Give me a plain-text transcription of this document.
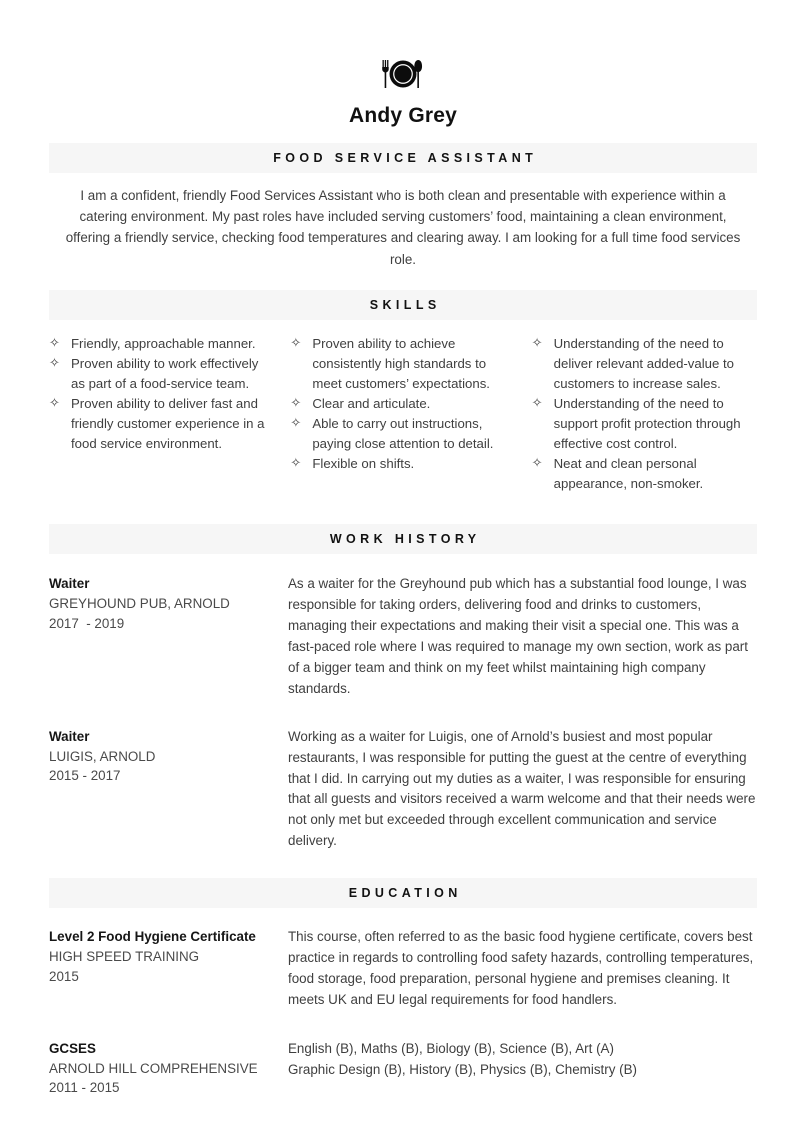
Andy Grey
FOOD SERVICE ASSISTANT

I am a confident, friendly Food Services Assistant who is both clean and presentable with experience within a catering environment. My past roles have included serving customers’ food, maintaining a clean environment, offering a friendly service, checking food temperatures and clearing away. I am looking for a full time food services role.

SKILLS
✧ Friendly, approachable manner.
✧ Proven ability to work effectively as part of a food-service team.
✧ Proven ability to deliver fast and friendly customer experience in a food service environment.
✧ Proven ability to achieve consistently high standards to meet customers’ expectations.
✧ Clear and articulate.
✧ Able to carry out instructions, paying close attention to detail.
✧ Flexible on shifts.
✧ Understanding of the need to deliver relevant added-value to customers to increase sales.
✧ Understanding of the need to support profit protection through effective cost control.
✧ Neat and clean personal appearance, non-smoker.
WORK HISTORY
Waiter
GREYHOUND PUB, ARNOLD
2017  - 2019

As a waiter for the Greyhound pub which has a substantial food lounge, I was responsible for taking orders, delivering food and drinks to customers, managing their expectations and making their visit a special one. This was a fast-paced role where I was required to manage my own section, work as part of a bigger team and think on my feet whilst maintaining high company standards.

Waiter
LUIGIS, ARNOLD
2015 - 2017

Working as a waiter for Luigis, one of Arnold’s busiest and most popular restaurants, I was responsible for putting the guest at the centre of everything that I did. In carrying out my duties as a waiter, I was responsible for ensuring that all guests and visitors received a warm welcome and that their needs were not only met but exceeded through excellent communication and service delivery.

EDUCATION
Level 2 Food Hygiene Certificate
HIGH SPEED TRAINING
2015

This course, often referred to as the basic food hygiene certificate, covers best practice in regards to controlling food safety hazards, controlling temperatures, food storage, food preparation, personal hygiene and premises cleaning. It meets UK and EU legal requirements for food handlers.

GCSES
ARNOLD HILL COMPREHENSIVE
2011 - 2015

English (B), Maths (B), Biology (B), Science (B), Art (A)
Graphic Design (B), History (B), Physics (B), Chemistry (B)
